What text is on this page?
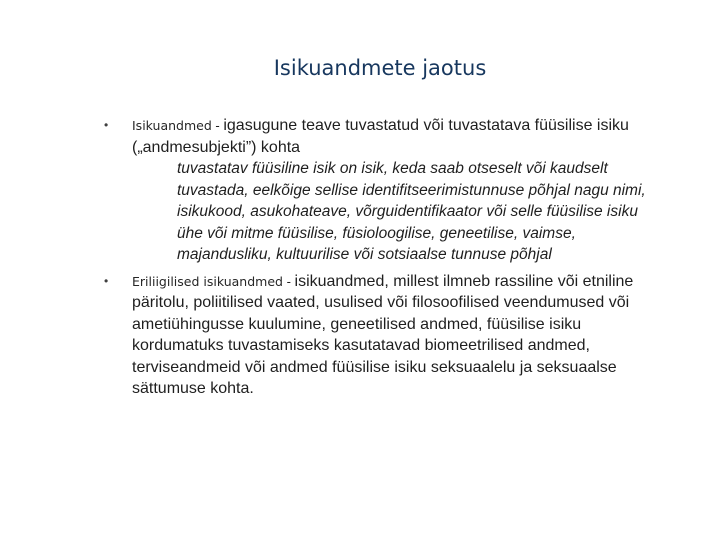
Isikuandmete jaotus
• Isikuandmed - igasugune teave tuvastatud või tuvastatava füüsilise isiku („andmesubjekti”) kohta

tuvastatav füüsiline isik on isik, keda saab otseselt või kaudselt tuvastada, eelkõige sellise identifitseerimistunnuse põhjal nagu nimi, isikukood, asukohateave, võrguidentifikaator või selle füüsilise isiku ühe või mitme füüsilise, füsioloogilise, geneetilise, vaimse, majandusliku, kultuurilise või sotsiaalse tunnuse põhjal

• Eriliigilised isikuandmed - isikuandmed, millest ilmneb rassiline või etniline päritolu, poliitilised vaated, usulised või filosoofilised veendumused või ametiühingusse kuulumine, geneetilised andmed, füüsilise isiku kordumatuks tuvastamiseks kasutatavad biomeetrilised andmed, terviseandmeid või andmed füüsilise isiku seksuaalelu ja seksuaalse sättumuse kohta.
